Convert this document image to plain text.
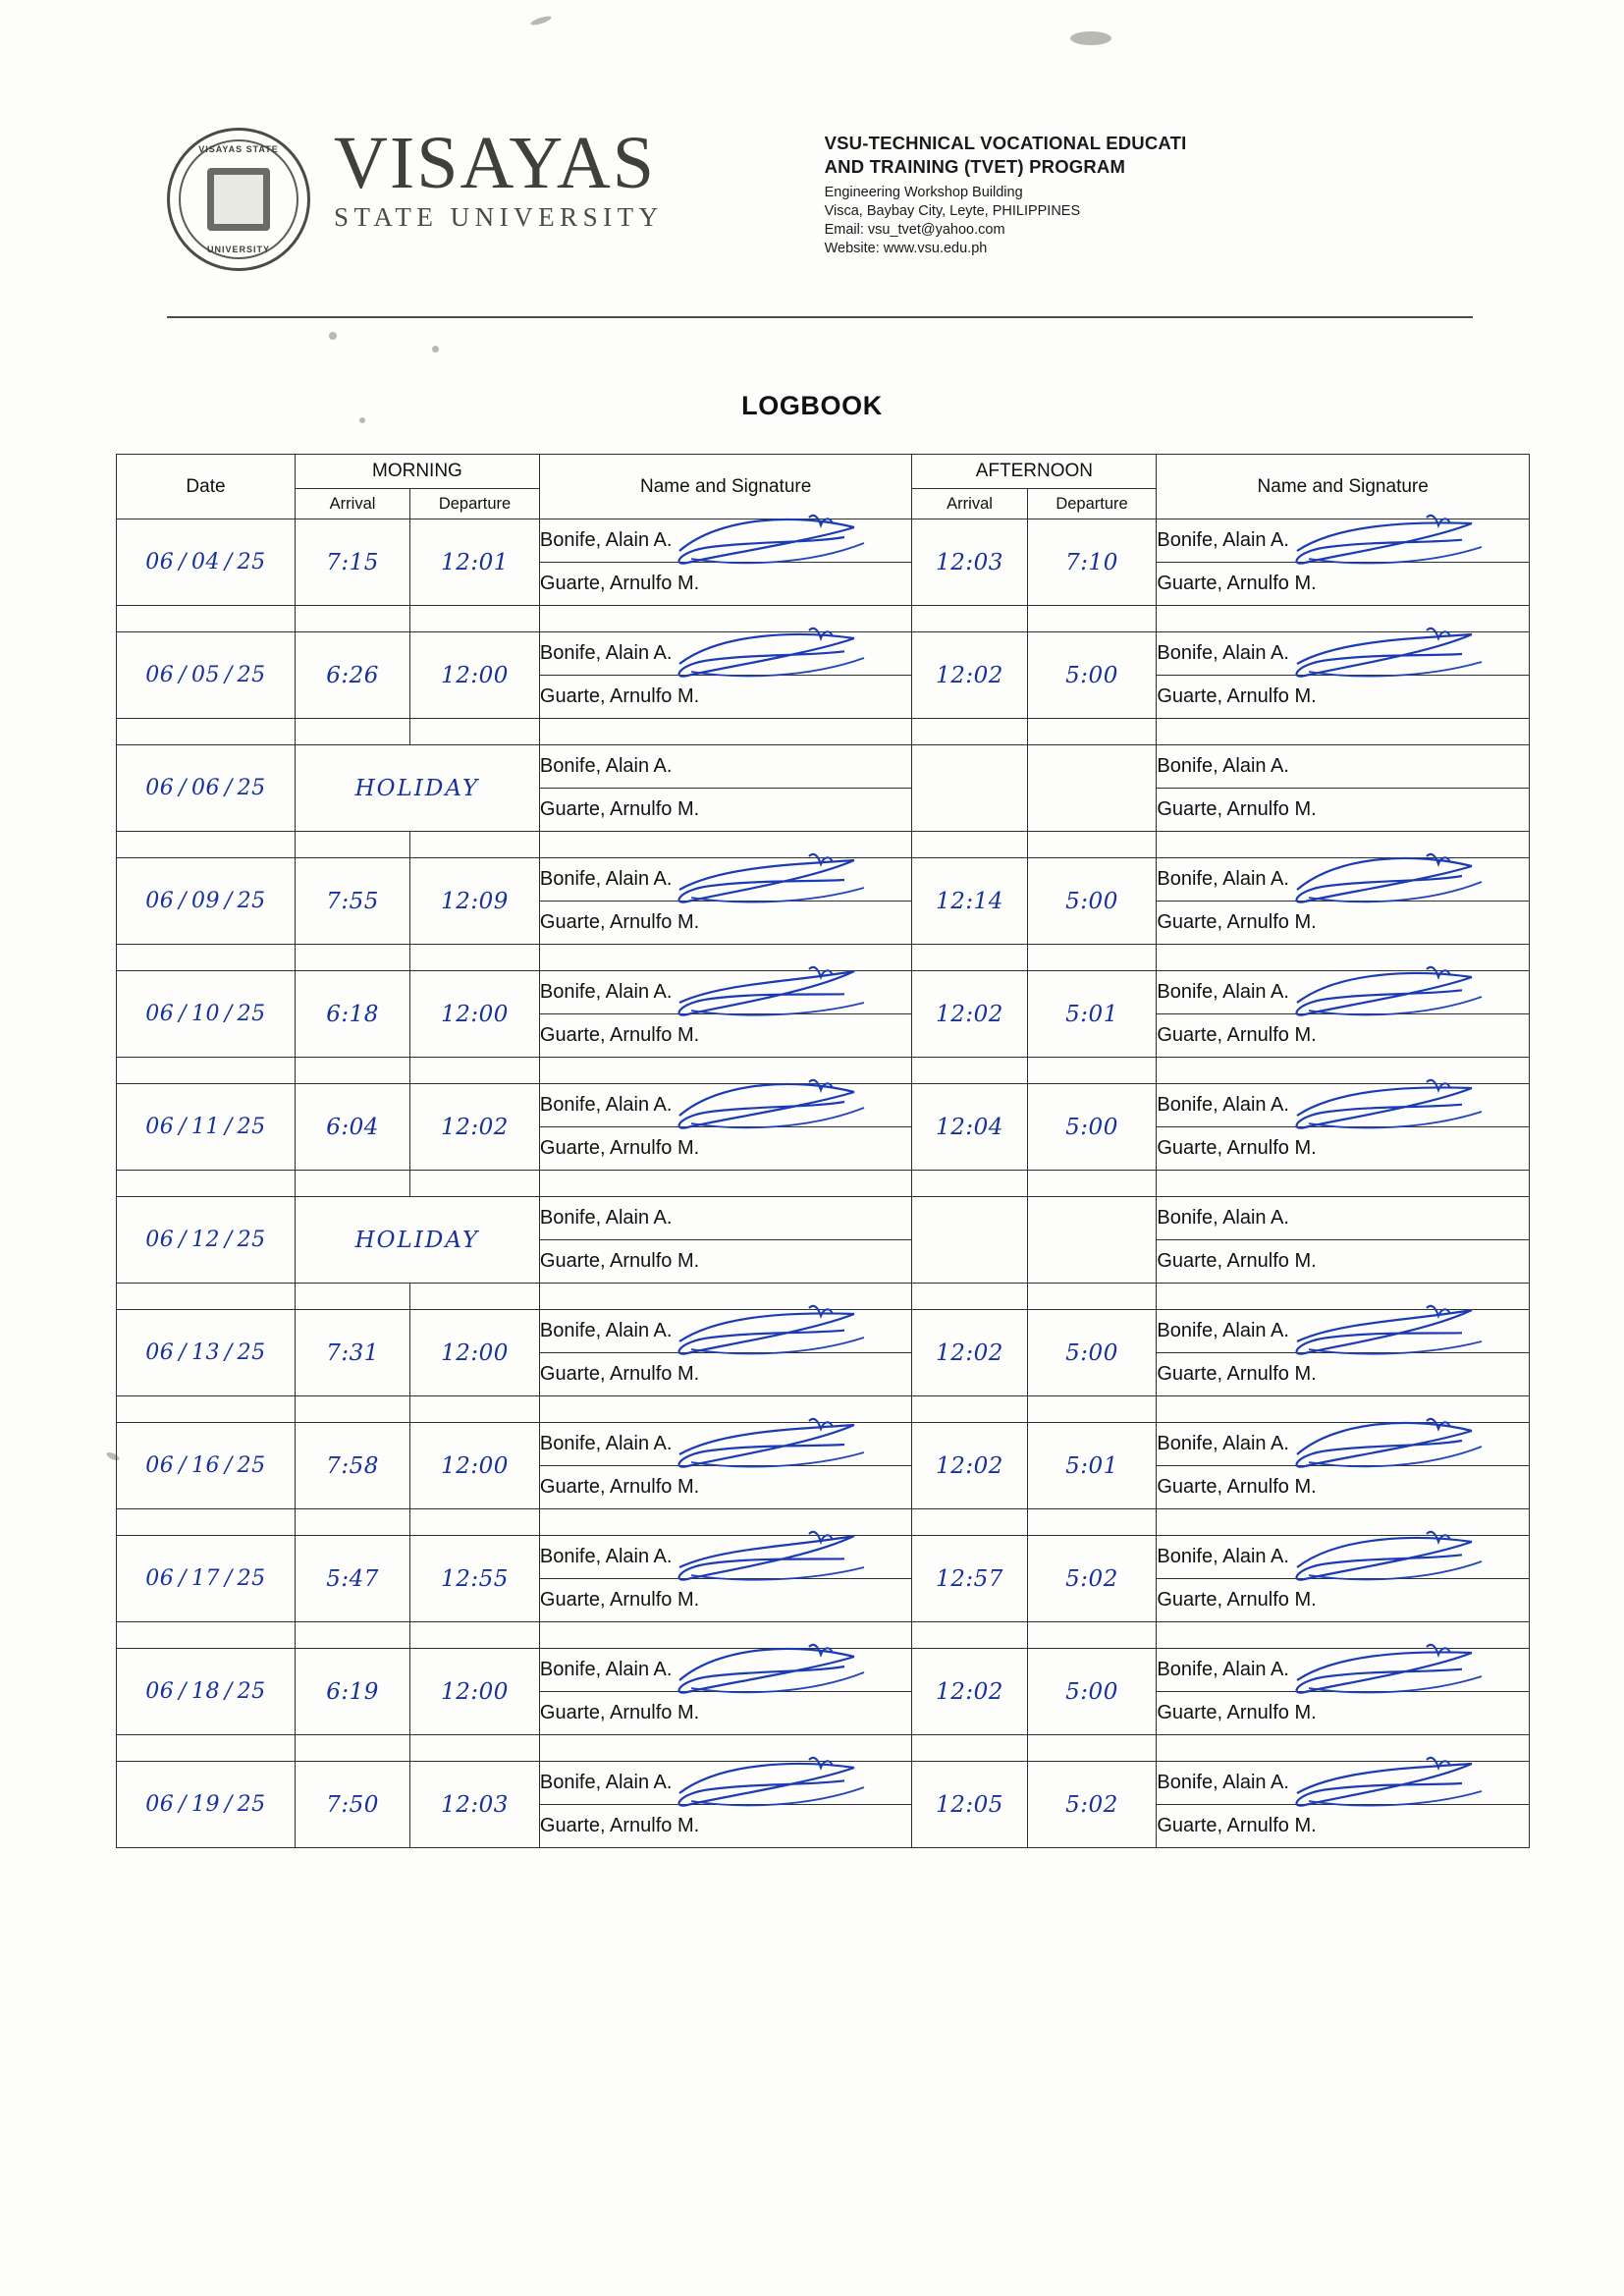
VISAYAS STATE
UNIVERSITY
VISAYAS
STATE UNIVERSITY
VSU-TECHNICAL VOCATIONAL EDUCATI
AND TRAINING (TVET) PROGRAM
Engineering Workshop Building
Visca, Baybay City, Leyte, PHILIPPINES
Email: vsu_tvet@yahoo.com
Website: www.vsu.edu.ph
LOGBOOK
Date	MORNING		Name and Signature	AFTERNOON		Name and Signature
	Arrival	Departure		Arrival	Departure	
06 / 04 / 25	7:15	12:01	Bonife, Alain A.	12:03	7:10	Bonife, Alain A.

			Guarte, Arnulfo M.			Guarte, Arnulfo M.

06 / 05 / 25	6:26	12:00	Bonife, Alain A.	12:02	5:00	Bonife, Alain A.

			Guarte, Arnulfo M.			Guarte, Arnulfo M.

06 / 06 / 25	HOLIDAY		Bonife, Alain A.			Bonife, Alain A.
			Guarte, Arnulfo M.			Guarte, Arnulfo M.

06 / 09 / 25	7:55	12:09	Bonife, Alain A.	12:14	5:00	Bonife, Alain A.

			Guarte, Arnulfo M.			Guarte, Arnulfo M.

06 / 10 / 25	6:18	12:00	Bonife, Alain A.	12:02	5:01	Bonife, Alain A.

			Guarte, Arnulfo M.			Guarte, Arnulfo M.

06 / 11 / 25	6:04	12:02	Bonife, Alain A.	12:04	5:00	Bonife, Alain A.

			Guarte, Arnulfo M.			Guarte, Arnulfo M.

06 / 12 / 25	HOLIDAY		Bonife, Alain A.			Bonife, Alain A.
			Guarte, Arnulfo M.			Guarte, Arnulfo M.

06 / 13 / 25	7:31	12:00	Bonife, Alain A.	12:02	5:00	Bonife, Alain A.

			Guarte, Arnulfo M.			Guarte, Arnulfo M.

06 / 16 / 25	7:58	12:00	Bonife, Alain A.	12:02	5:01	Bonife, Alain A.

			Guarte, Arnulfo M.			Guarte, Arnulfo M.

06 / 17 / 25	5:47	12:55	Bonife, Alain A.	12:57	5:02	Bonife, Alain A.

			Guarte, Arnulfo M.			Guarte, Arnulfo M.

06 / 18 / 25	6:19	12:00	Bonife, Alain A.	12:02	5:00	Bonife, Alain A.

			Guarte, Arnulfo M.			Guarte, Arnulfo M.

06 / 19 / 25	7:50	12:03	Bonife, Alain A.	12:05	5:02	Bonife, Alain A.

			Guarte, Arnulfo M.			Guarte, Arnulfo M.
